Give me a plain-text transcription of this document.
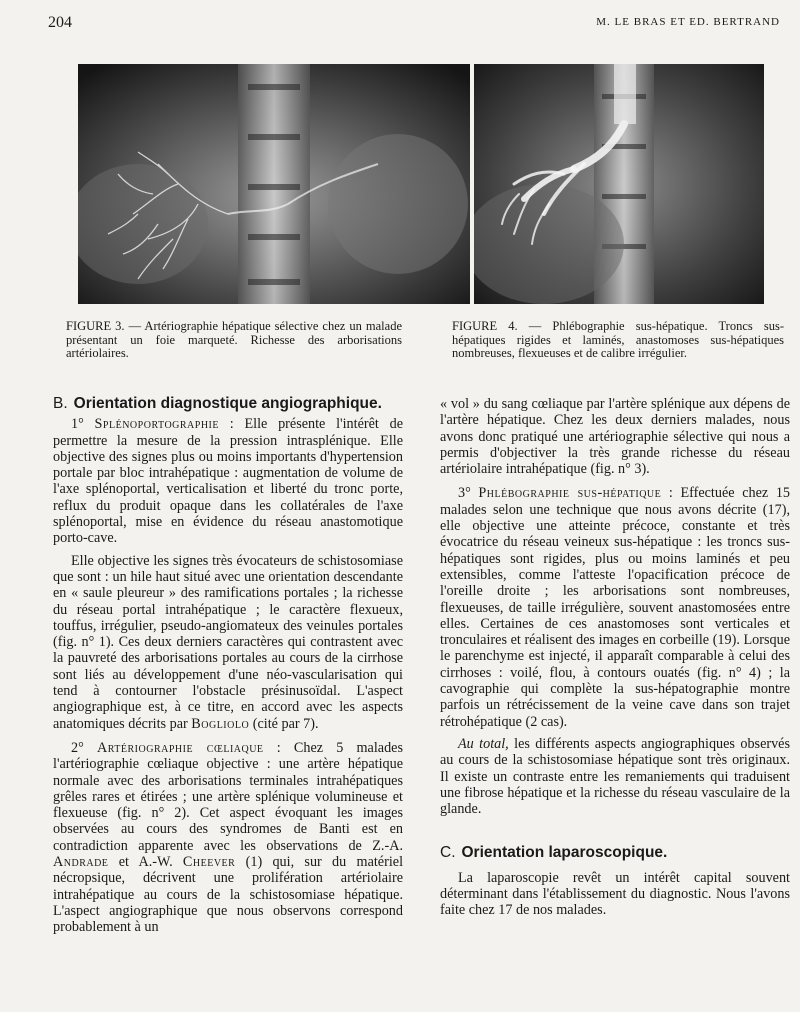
204	M. LE BRAS ET ED. BERTRAND
FIGURE 3. — Artériographie hépatique sélective chez un malade présentant un foie marqueté. Richesse des arborisations artériolaires.
FIGURE 4. — Phlébographie sus-hépatique. Troncs sus-hépatiques rigides et laminés, anastomoses sus-hépatiques nombreuses, flexueuses et de calibre irrégulier.
B. Orientation diagnostique angiographique.

1° Splénoportographie : Elle présente l'intérêt de permettre la mesure de la pression intrasplénique. Elle objective des signes plus ou moins importants d'hypertension portale par bloc intrahépatique : augmentation de volume de l'axe splénoportal, verticalisation et liberté du tronc porte, reflux du produit opaque dans les collatérales de l'axe splénoportal, mise en évidence du réseau anastomotique porto-cave.

Elle objective les signes très évocateurs de schistosomiase que sont : un hile haut situé avec une orientation descendante en « saule pleureur » des ramifications portales ; la richesse du réseau portal intrahépatique ; le caractère flexueux, touffus, irrégulier, pseudo-angiomateux des veinules portales (fig. n° 1). Ces deux derniers caractères qui contrastent avec la pauvreté des arborisations portales au cours de la cirrhose sont liés au développement d'une néo-vascularisation qui tend à contourner l'obstacle présinusoïdal. L'aspect angiographique est, à ce titre, en accord avec les aspects anatomiques décrits par Bogliolo (cité par 7).

2° Artériographie cœliaque : Chez 5 malades l'artériographie cœliaque objective : une artère hépatique normale avec des arborisations terminales intrahépatiques grêles rares et étirées ; une artère splénique volumineuse et flexueuse (fig. n° 2). Cet aspect évoquant les images observées au cours des syndromes de Banti est en contradiction apparente avec les observations de Z.-A. Andrade et A.-W. Cheever (1) qui, sur du matériel nécropsique, décrivent une prolifération artériolaire intrahépatique au cours de la schistosomiase hépatique. L'aspect angiographique que nous observons correspond probablement à un

« vol » du sang cœliaque par l'artère splénique aux dépens de l'artère hépatique. Chez les deux derniers malades, nous avons donc pratiqué une artériographie sélective qui nous a permis d'objectiver la très grande richesse du réseau artériolaire intrahépatique (fig. n° 3).

3° Phlébographie sus-hépatique : Effectuée chez 15 malades selon une technique que nous avons décrite (17), elle objective une atteinte précoce, constante et très évocatrice du réseau veineux sus-hépatique : les troncs sus-hépatiques sont rigides, plus ou moins laminés et peu extensibles, comme l'atteste l'opacification précoce de l'oreille droite ; les arborisations sont nombreuses, flexueuses, de taille irrégulière, souvent anastomosées entre elles. Certaines de ces anastomoses sont verticales et tronculaires et réalisent des images en corbeille (19). Lorsque le parenchyme est injecté, il apparaît comparable à celui des cirrhoses : voilé, flou, à contours ouatés (fig. n° 4) ; la cavographie qui complète la sus-hépatographie montre parfois un rétrécissement de la veine cave dans son trajet rétrohépatique (2 cas).

Au total, les différents aspects angiographiques observés au cours de la schistosomiase hépatique sont très originaux. Il existe un contraste entre les remaniements qui traduisent une fibrose hépatique et la richesse du réseau vasculaire de la glande.

C. Orientation laparoscopique.

La laparoscopie revêt un intérêt capital souvent déterminant dans l'établissement du diagnostic. Nous l'avons faite chez 17 de nos malades.
